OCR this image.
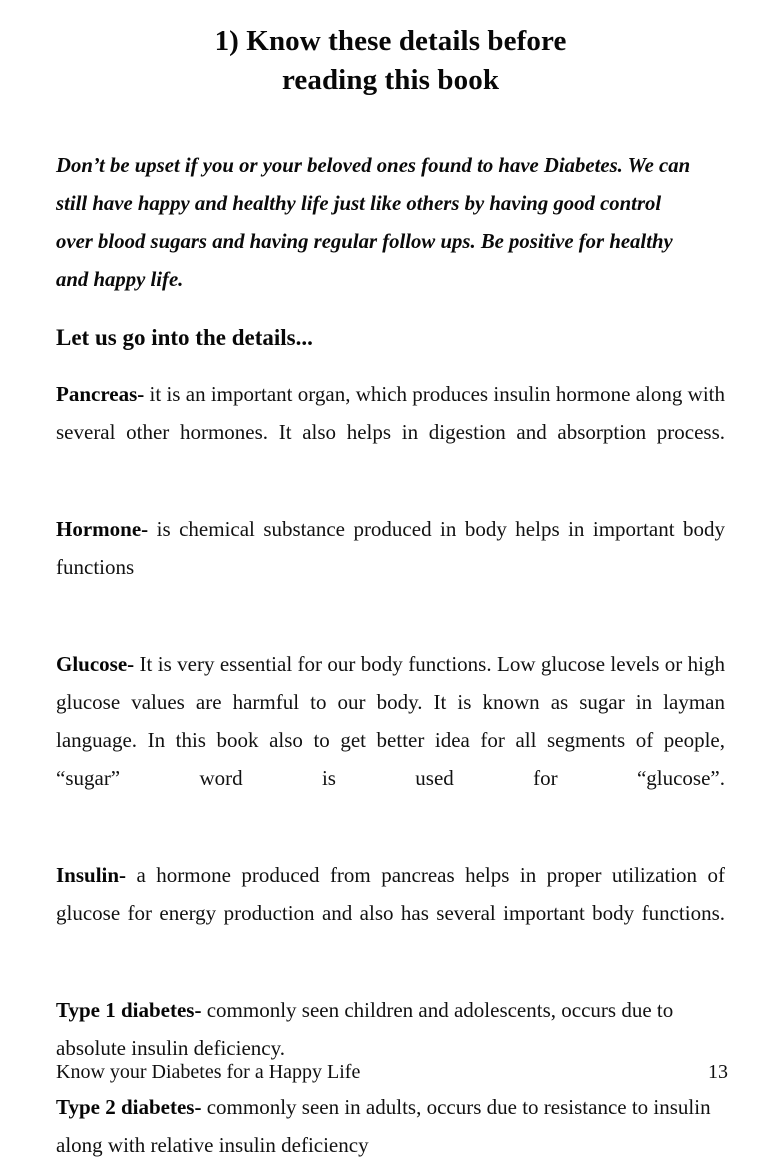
1) Know these details before
reading this book

Don’t be upset if you or your beloved ones found to have Diabetes. We can still have happy and healthy life just like others by having good control over blood sugars and having regular follow ups. Be positive for healthy and happy life.

Let us go into the details...

Pancreas- it is an important organ, which produces insulin hormone along with several other hormones. It also helps in digestion and absorption process.

Hormone- is chemical substance produced in body helps in important body functions

Glucose- It is very essential for our body functions. Low glucose levels or high glucose values are harmful to our body. It is known as sugar in layman language. In this book also to get better idea for all segments of people, “sugar” word is used for “glucose”.

Insulin- a hormone produced from pancreas helps in proper utilization of glucose for energy production and also has several important body functions.

Type 1 diabetes- commonly seen children and adolescents, occurs due to absolute insulin deficiency.

Type 2 diabetes- commonly seen in adults, occurs due to resistance to insulin along with relative insulin deficiency

Know your Diabetes for a Happy Life	13
